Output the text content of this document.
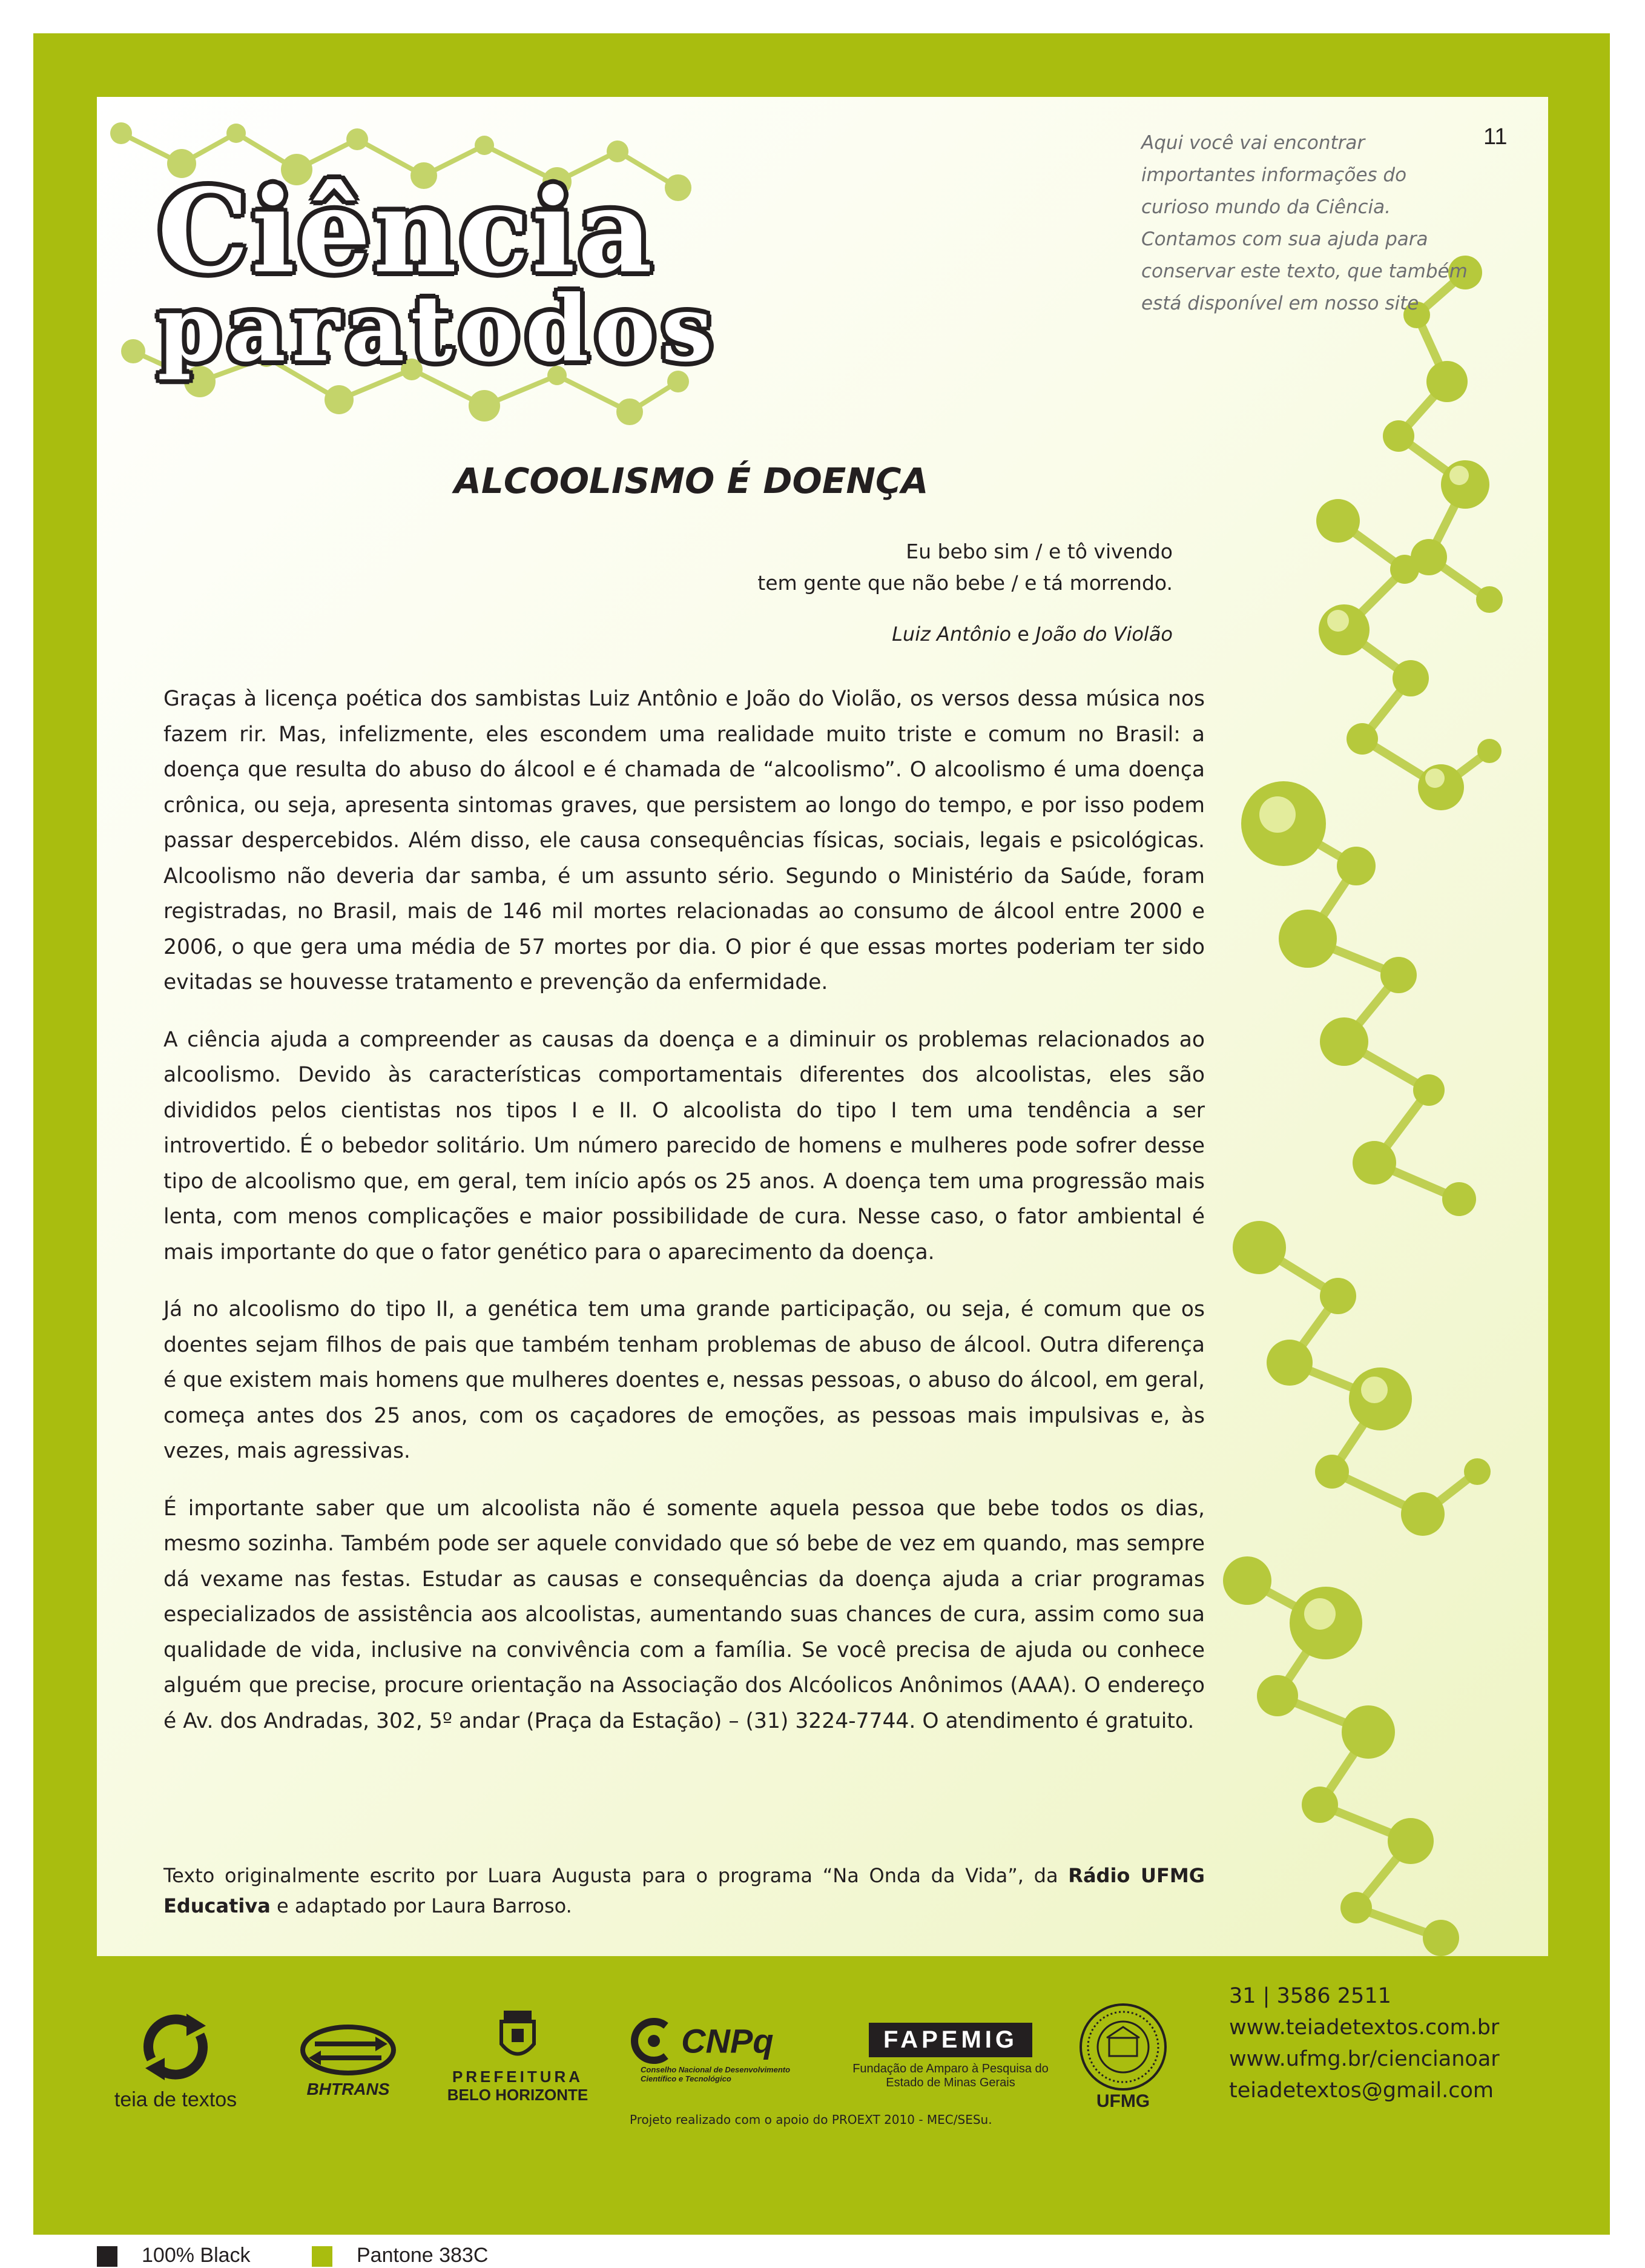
Ciência
paratodos

Aqui você vai encontrar
importantes informações do
curioso mundo da Ciência.
Contamos com sua ajuda para
conservar este texto, que também
está disponível em nosso site

11
ALCOOLISMO É DOENÇA
Eu bebo sim / e tô vivendo
tem gente que não bebe / e tá morrendo.
Luiz Antônio e João do Violão

Graças à licença poética dos sambistas Luiz Antônio e João do Violão, os versos dessa música nos fazem rir. Mas, infelizmente, eles escondem uma realidade muito triste e comum no Brasil: a doença que resulta do abuso do álcool e é chamada de “alcoolismo”. O alcoolismo é uma doença crônica, ou seja, apresenta sintomas graves, que persistem ao longo do tempo, e por isso podem passar despercebidos. Além disso, ele causa consequências físicas, sociais, legais e psicológicas. Alcoolismo não deveria dar samba, é um assunto sério. Segundo o Ministério da Saúde, foram registradas, no Brasil, mais de 146 mil mortes relacionadas ao consumo de álcool entre 2000 e 2006, o que gera uma média de 57 mortes por dia. O pior é que essas mortes poderiam ter sido evitadas se houvesse tratamento e prevenção da enfermidade.

A ciência ajuda a compreender as causas da doença e a diminuir os problemas relacionados ao alcoolismo. Devido às características comportamentais diferentes dos alcoolistas, eles são divididos pelos cientistas nos tipos I e II. O alcoolista do tipo I tem uma tendência a ser introvertido. É o bebedor solitário. Um número parecido de homens e mulheres pode sofrer desse tipo de alcoolismo que, em geral, tem início após os 25 anos. A doença tem uma progressão mais lenta, com menos complicações e maior possibilidade de cura. Nesse caso, o fator ambiental é mais importante do que o fator genético para o aparecimento da doença.

Já no alcoolismo do tipo II, a genética tem uma grande participação, ou seja, é comum que os doentes sejam filhos de pais que também tenham problemas de abuso de álcool. Outra diferença é que existem mais homens que mulheres doentes e, nessas pessoas, o abuso do álcool, em geral, começa antes dos 25 anos, com os caçadores de emoções, as pessoas mais impulsivas e, às vezes, mais agressivas.

É importante saber que um alcoolista não é somente aquela pessoa que bebe todos os dias, mesmo sozinha. Também pode ser aquele convidado que só bebe de vez em quando, mas sempre dá vexame nas festas. Estudar as causas e consequências da doença ajuda a criar programas especializados de assistência aos alcoolistas, aumentando suas chances de cura, assim como sua qualidade de vida, inclusive na convivência com a família. Se você precisa de ajuda ou conhece alguém que precise, procure orientação na Associação dos Alcóolicos Anônimos (AAA). O endereço é Av. dos Andradas, 302, 5º andar (Praça da Estação) – (31) 3224-7744. O atendimento é gratuito.

Texto originalmente escrito por Luara Augusta para o programa “Na Onda da Vida”, da Rádio UFMG Educativa e adaptado por Laura Barroso.
teia de textos	BHTRANS
PREFEITURA
BELO HORIZONTE
CNPq
Conselho Nacional de Desenvolvimento
Científico e Tecnológico
FAPEMIG
Fundação de Amparo à Pesquisa do
Estado de Minas Gerais
Projeto realizado com o apoio do PROEXT 2010 - MEC/SESu.
UFMG
31 | 3586 2511
www.teiadetextos.com.br
www.ufmg.br/ciencianoar
teiadetextos@gmail.com
100% Black	Pantone 383C
